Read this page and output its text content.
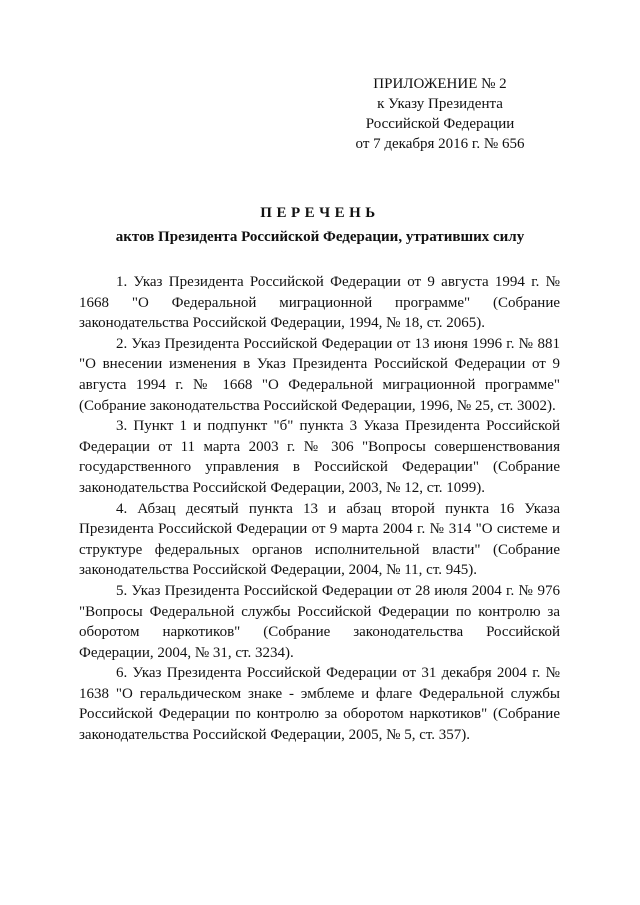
ПРИЛОЖЕНИЕ № 2
к Указу Президента
Российской Федерации
от 7 декабря 2016 г. № 656
ПЕРЕЧЕНЬ
актов Президента Российской Федерации, утративших силу

1. Указ Президента Российской Федерации от 9 августа 1994 г. № 1668 "О Федеральной миграционной программе" (Собрание законодательства Российской Федерации, 1994, № 18, ст. 2065).

2. Указ Президента Российской Федерации от 13 июня 1996 г. № 881 "О внесении изменения в Указ Президента Российской Федерации от 9 августа 1994 г. № 1668 "О Федеральной миграционной программе" (Собрание законодательства Российской Федерации, 1996, № 25, ст. 3002).

3. Пункт 1 и подпункт "б" пункта 3 Указа Президента Российской Федерации от 11 марта 2003 г. № 306 "Вопросы совершенствования государственного управления в Российской Федерации" (Собрание законодательства Российской Федерации, 2003, № 12, ст. 1099).

4. Абзац десятый пункта 13 и абзац второй пункта 16 Указа Президента Российской Федерации от 9 марта 2004 г. № 314 "О системе и структуре федеральных органов исполнительной власти" (Собрание законодательства Российской Федерации, 2004, № 11, ст. 945).

5. Указ Президента Российской Федерации от 28 июля 2004 г. № 976 "Вопросы Федеральной службы Российской Федерации по контролю за оборотом наркотиков" (Собрание законодательства Российской Федерации, 2004, № 31, ст. 3234).

6. Указ Президента Российской Федерации от 31 декабря 2004 г. № 1638 "О геральдическом знаке - эмблеме и флаге Федеральной службы Российской Федерации по контролю за оборотом наркотиков" (Собрание законодательства Российской Федерации, 2005, № 5, ст. 357).
